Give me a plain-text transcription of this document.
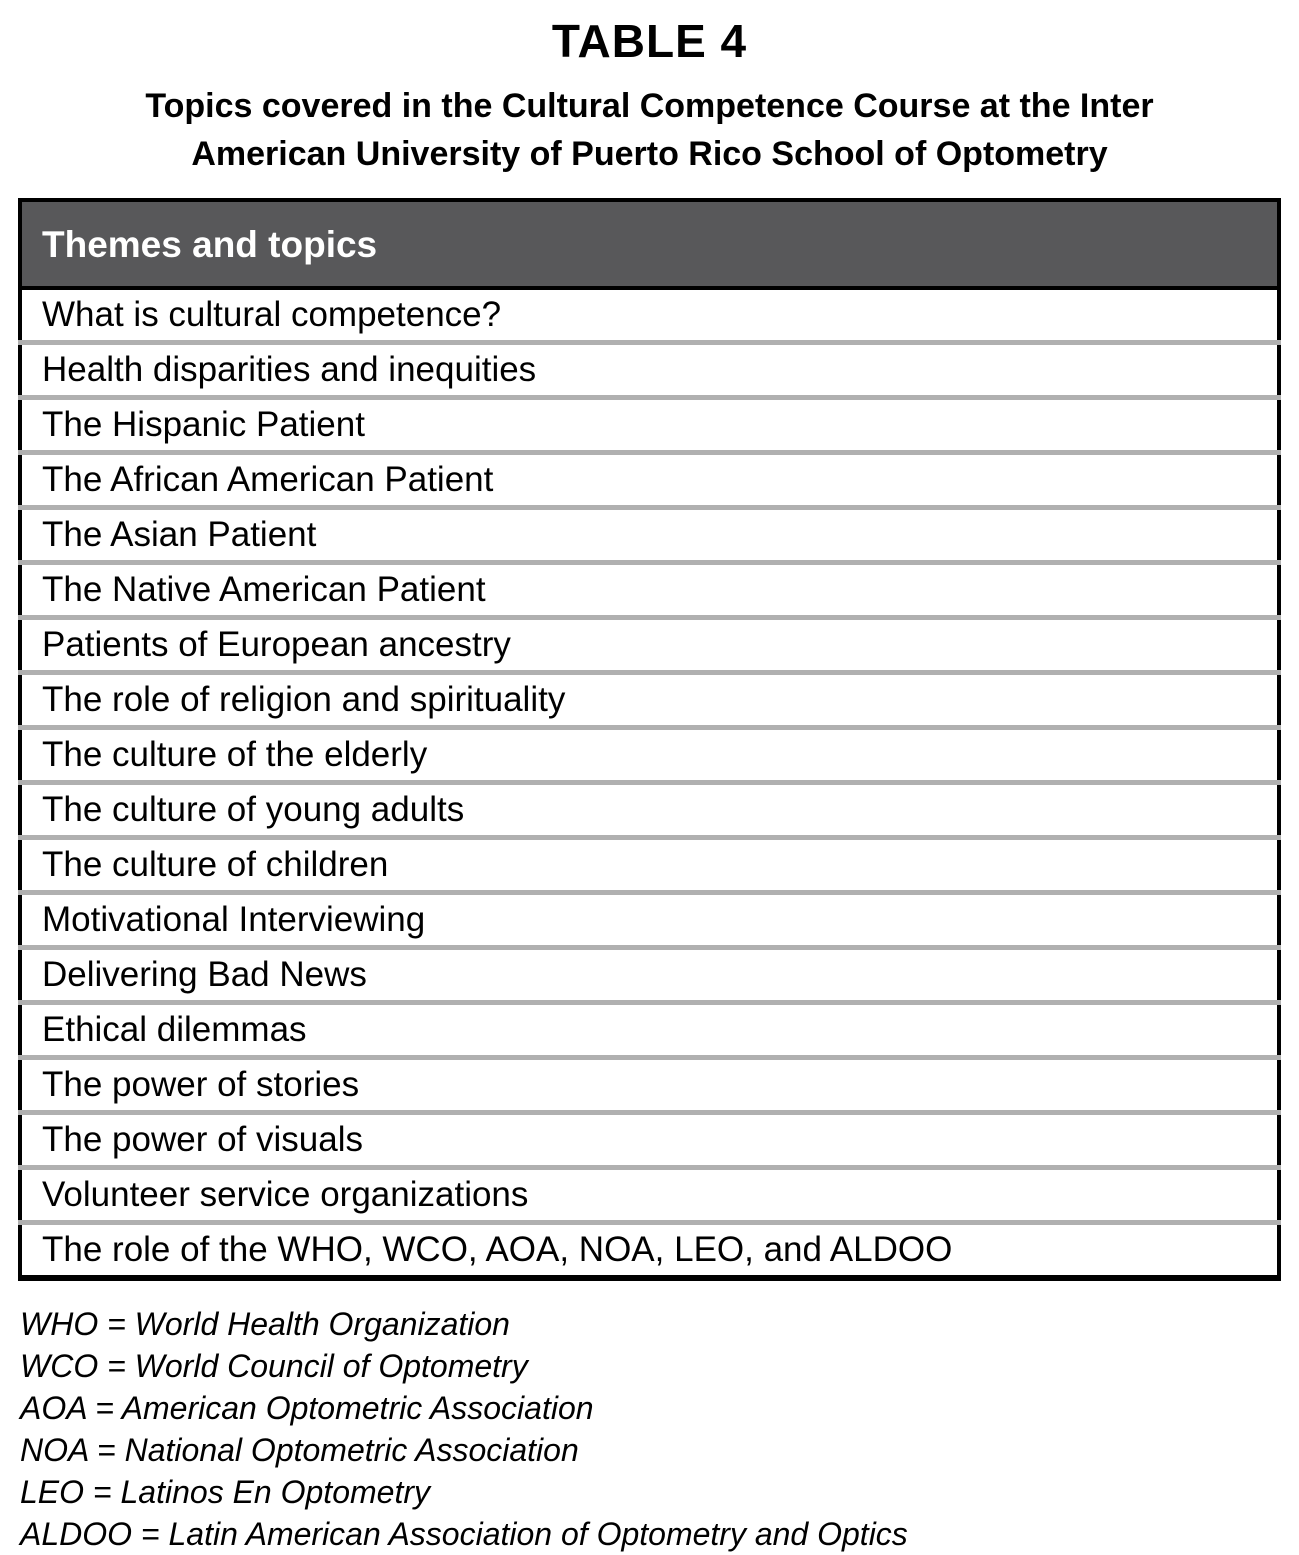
TABLE 4
Topics covered in the Cultural Competence Course at the Inter
American University of Puerto Rico School of Optometry
Themes and topics
What is cultural competence?
Health disparities and inequities
The Hispanic Patient
The African American Patient
The Asian Patient
The Native American Patient
Patients of European ancestry
The role of religion and spirituality
The culture of the elderly
The culture of young adults
The culture of children
Motivational Interviewing
Delivering Bad News
Ethical dilemmas
The power of stories
The power of visuals
Volunteer service organizations
The role of the WHO, WCO, AOA, NOA, LEO, and ALDOO
WHO = World Health Organization
WCO = World Council of Optometry
AOA = American Optometric Association
NOA = National Optometric Association
LEO = Latinos En Optometry
ALDOO = Latin American Association of Optometry and Optics
